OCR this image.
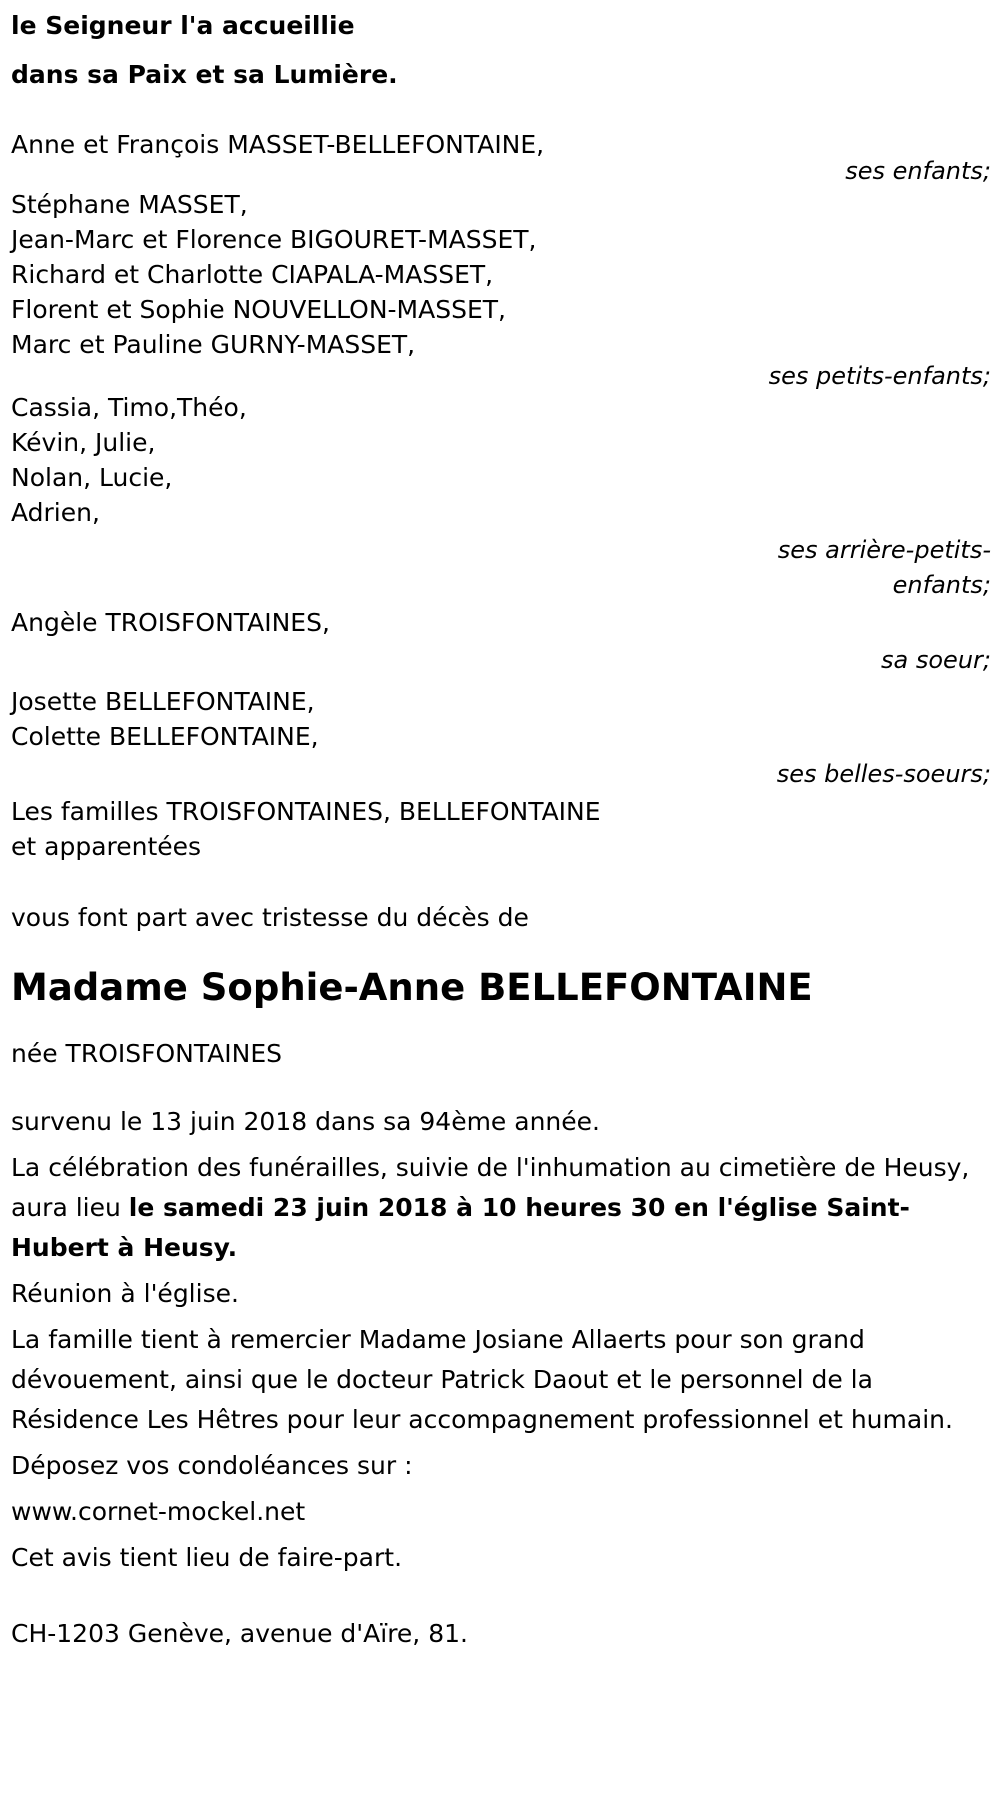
le Seigneur l'a accueillie
dans sa Paix et sa Lumière.
Anne et François MASSET-BELLEFONTAINE,
ses enfants;
Stéphane MASSET,
Jean-Marc et Florence BIGOURET-MASSET,
Richard et Charlotte CIAPALA-MASSET,
Florent et Sophie NOUVELLON-MASSET,
Marc et Pauline GURNY-MASSET,
ses petits-enfants;
Cassia, Timo,Théo,
Kévin, Julie,
Nolan, Lucie,
Adrien,
ses arrière-petits-
enfants;
Angèle TROISFONTAINES,
sa soeur;
Josette BELLEFONTAINE,
Colette BELLEFONTAINE,
ses belles-soeurs;
Les familles TROISFONTAINES, BELLEFONTAINE
et apparentées
vous font part avec tristesse du décès de
Madame Sophie-Anne BELLEFONTAINE
née TROISFONTAINES
survenu le 13 juin 2018 dans sa 94ème année.
La célébration des funérailles, suivie de l'inhumation au cimetière de Heusy, aura lieu le samedi 23 juin 2018 à 10 heures 30 en l'église Saint-Hubert à Heusy.
Réunion à l'église.
La famille tient à remercier Madame Josiane Allaerts pour son grand dévouement, ainsi que le docteur Patrick Daout et le personnel de la Résidence Les Hêtres pour leur accompagnement professionnel et humain.
Déposez vos condoléances sur :
www.cornet-mockel.net
Cet avis tient lieu de faire-part.
CH-1203 Genève, avenue d'Aïre, 81.
